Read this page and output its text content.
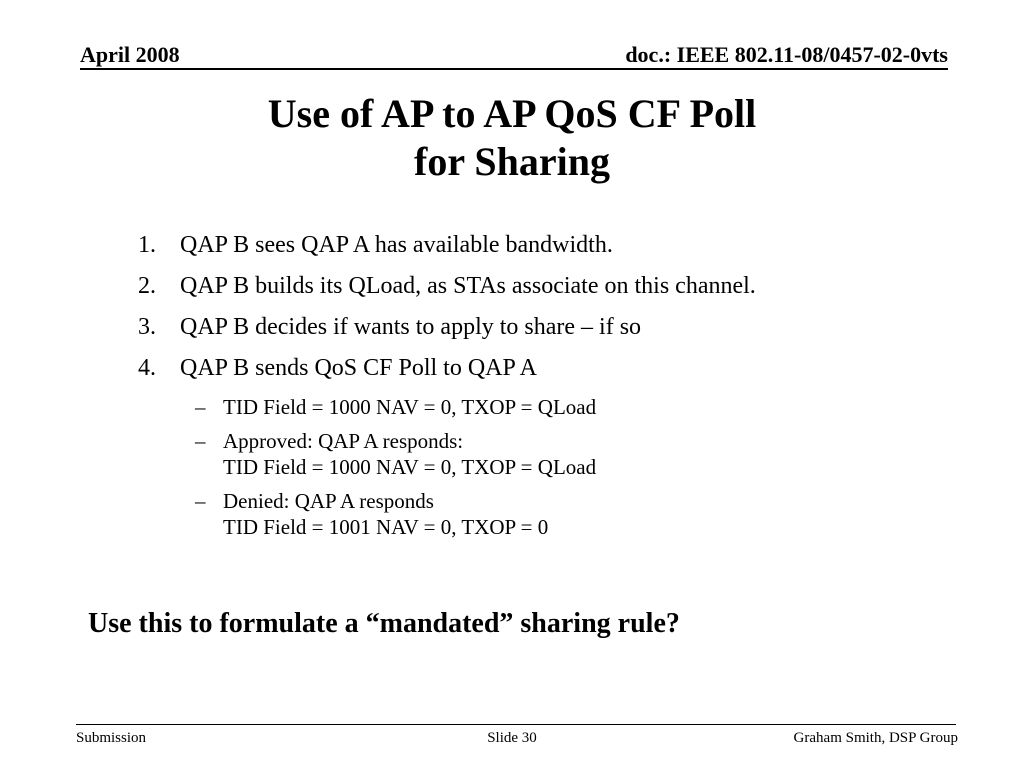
April 2008	doc.: IEEE 802.11-08/0457-02-0vts
Use of AP to AP QoS CF Poll
for Sharing
1.	QAP B sees QAP A has available bandwidth.
2.	QAP B builds its QLoad, as STAs associate on this channel.
3.	QAP B decides if wants to apply to share – if so
4.	QAP B sends QoS CF Poll to QAP A
– TID Field = 1000 NAV = 0, TXOP = QLoad
– Approved: QAP A responds:
TID Field = 1000 NAV = 0, TXOP = QLoad
– Denied: QAP A responds
TID Field = 1001 NAV = 0, TXOP = 0
Use this to formulate a “mandated” sharing rule?
Submission	Slide 30	Graham Smith, DSP Group
